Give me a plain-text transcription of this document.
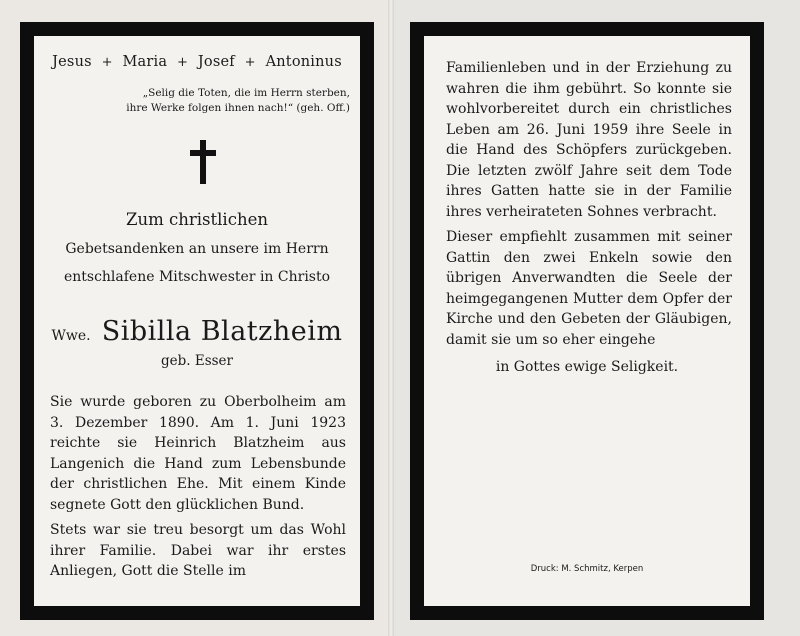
Jesus + Maria + Josef + Antoninus
„Selig die Toten, die im Herrn sterben,
ihre Werke folgen ihnen nach!“ (geh. Off.)
Zum christlichen
Gebetsandenken an unsere im Herrn
entschlafene Mitschwester in Christo
Wwe. Sibilla Blatzheim
geb. Esser
Sie wurde geboren zu Oberbolheim am 3. Dezember 1890. Am 1. Juni 1923 reichte sie Heinrich Blatzheim aus Langenich die Hand zum Lebensbunde der christlichen Ehe. Mit einem Kinde segnete Gott den glücklichen Bund.
Stets war sie treu besorgt um das Wohl ihrer Familie. Dabei war ihr erstes Anliegen, Gott die Stelle im
Familienleben und in der Erziehung zu wahren die ihm gebührt. So konnte sie wohlvorbereitet durch ein christliches Leben am 26. Juni 1959 ihre Seele in die Hand des Schöpfers zurückgeben. Die letzten zwölf Jahre seit dem Tode ihres Gatten hatte sie in der Familie ihres verheirateten Sohnes verbracht.
Dieser empfiehlt zusammen mit seiner Gattin den zwei Enkeln sowie den übrigen Anverwandten die Seele der heimgegangenen Mutter dem Opfer der Kirche und den Gebeten der Gläubigen, damit sie um so eher eingehe
in Gottes ewige Seligkeit.
Druck: M. Schmitz, Kerpen
